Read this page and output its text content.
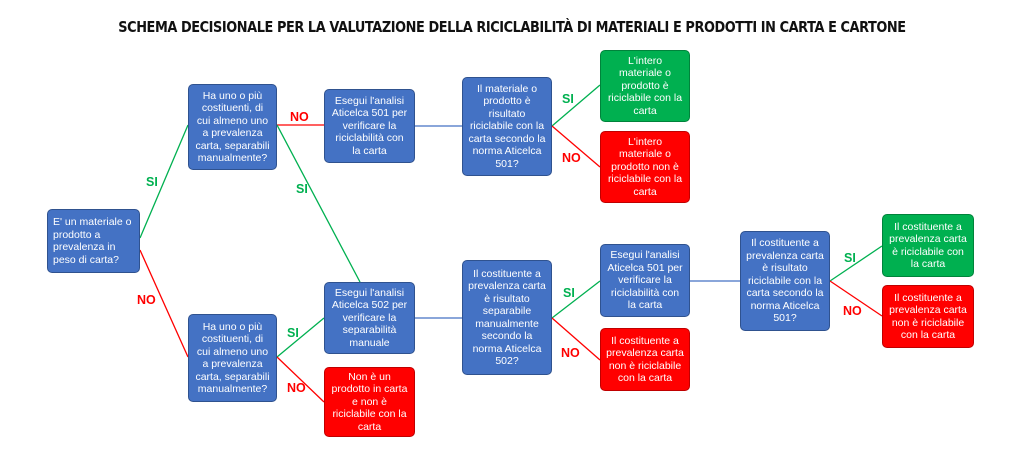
SCHEMA DECISIONALE PER LA VALUTAZIONE DELLA RICICLABILITÀ DI MATERIALI E PRODOTTI IN CARTA E CARTONE
E' un materiale o prodotto a prevalenza in peso di carta?
Ha uno o più costituenti, di cui almeno uno a prevalenza carta, separabili manualmente?
Ha uno o più costituenti, di cui almeno uno a prevalenza carta, separabili manualmente?
Esegui l'analisi Aticelca 501 per verificare la riciclabilità con la carta
Il materiale o prodotto è risultato riciclabile con la carta secondo la norma Aticelca 501?
L'intero materiale o prodotto è riciclabile con la carta
L'intero materiale o prodotto non è riciclabile con la carta
Esegui l'analisi Aticelca 502 per verificare la separabilità manuale
Non è un prodotto in carta e non è riciclabile con la carta
Il costituente a prevalenza carta è risultato separabile manualmente secondo la norma Aticelca 502?
Esegui l'analisi Aticelca 501 per verificare la riciclabilità con la carta
Il costituente a prevalenza carta non è riciclabile con la carta
Il costituente a prevalenza carta è risultato riciclabile con la carta secondo la norma Aticelca 501?
Il costituente a prevalenza carta è riciclabile con la carta
Il costituente a prevalenza carta non è riciclabile con la carta
SI
NO
NO
SI
SI
NO
SI
NO
SI
NO
SI
NO
